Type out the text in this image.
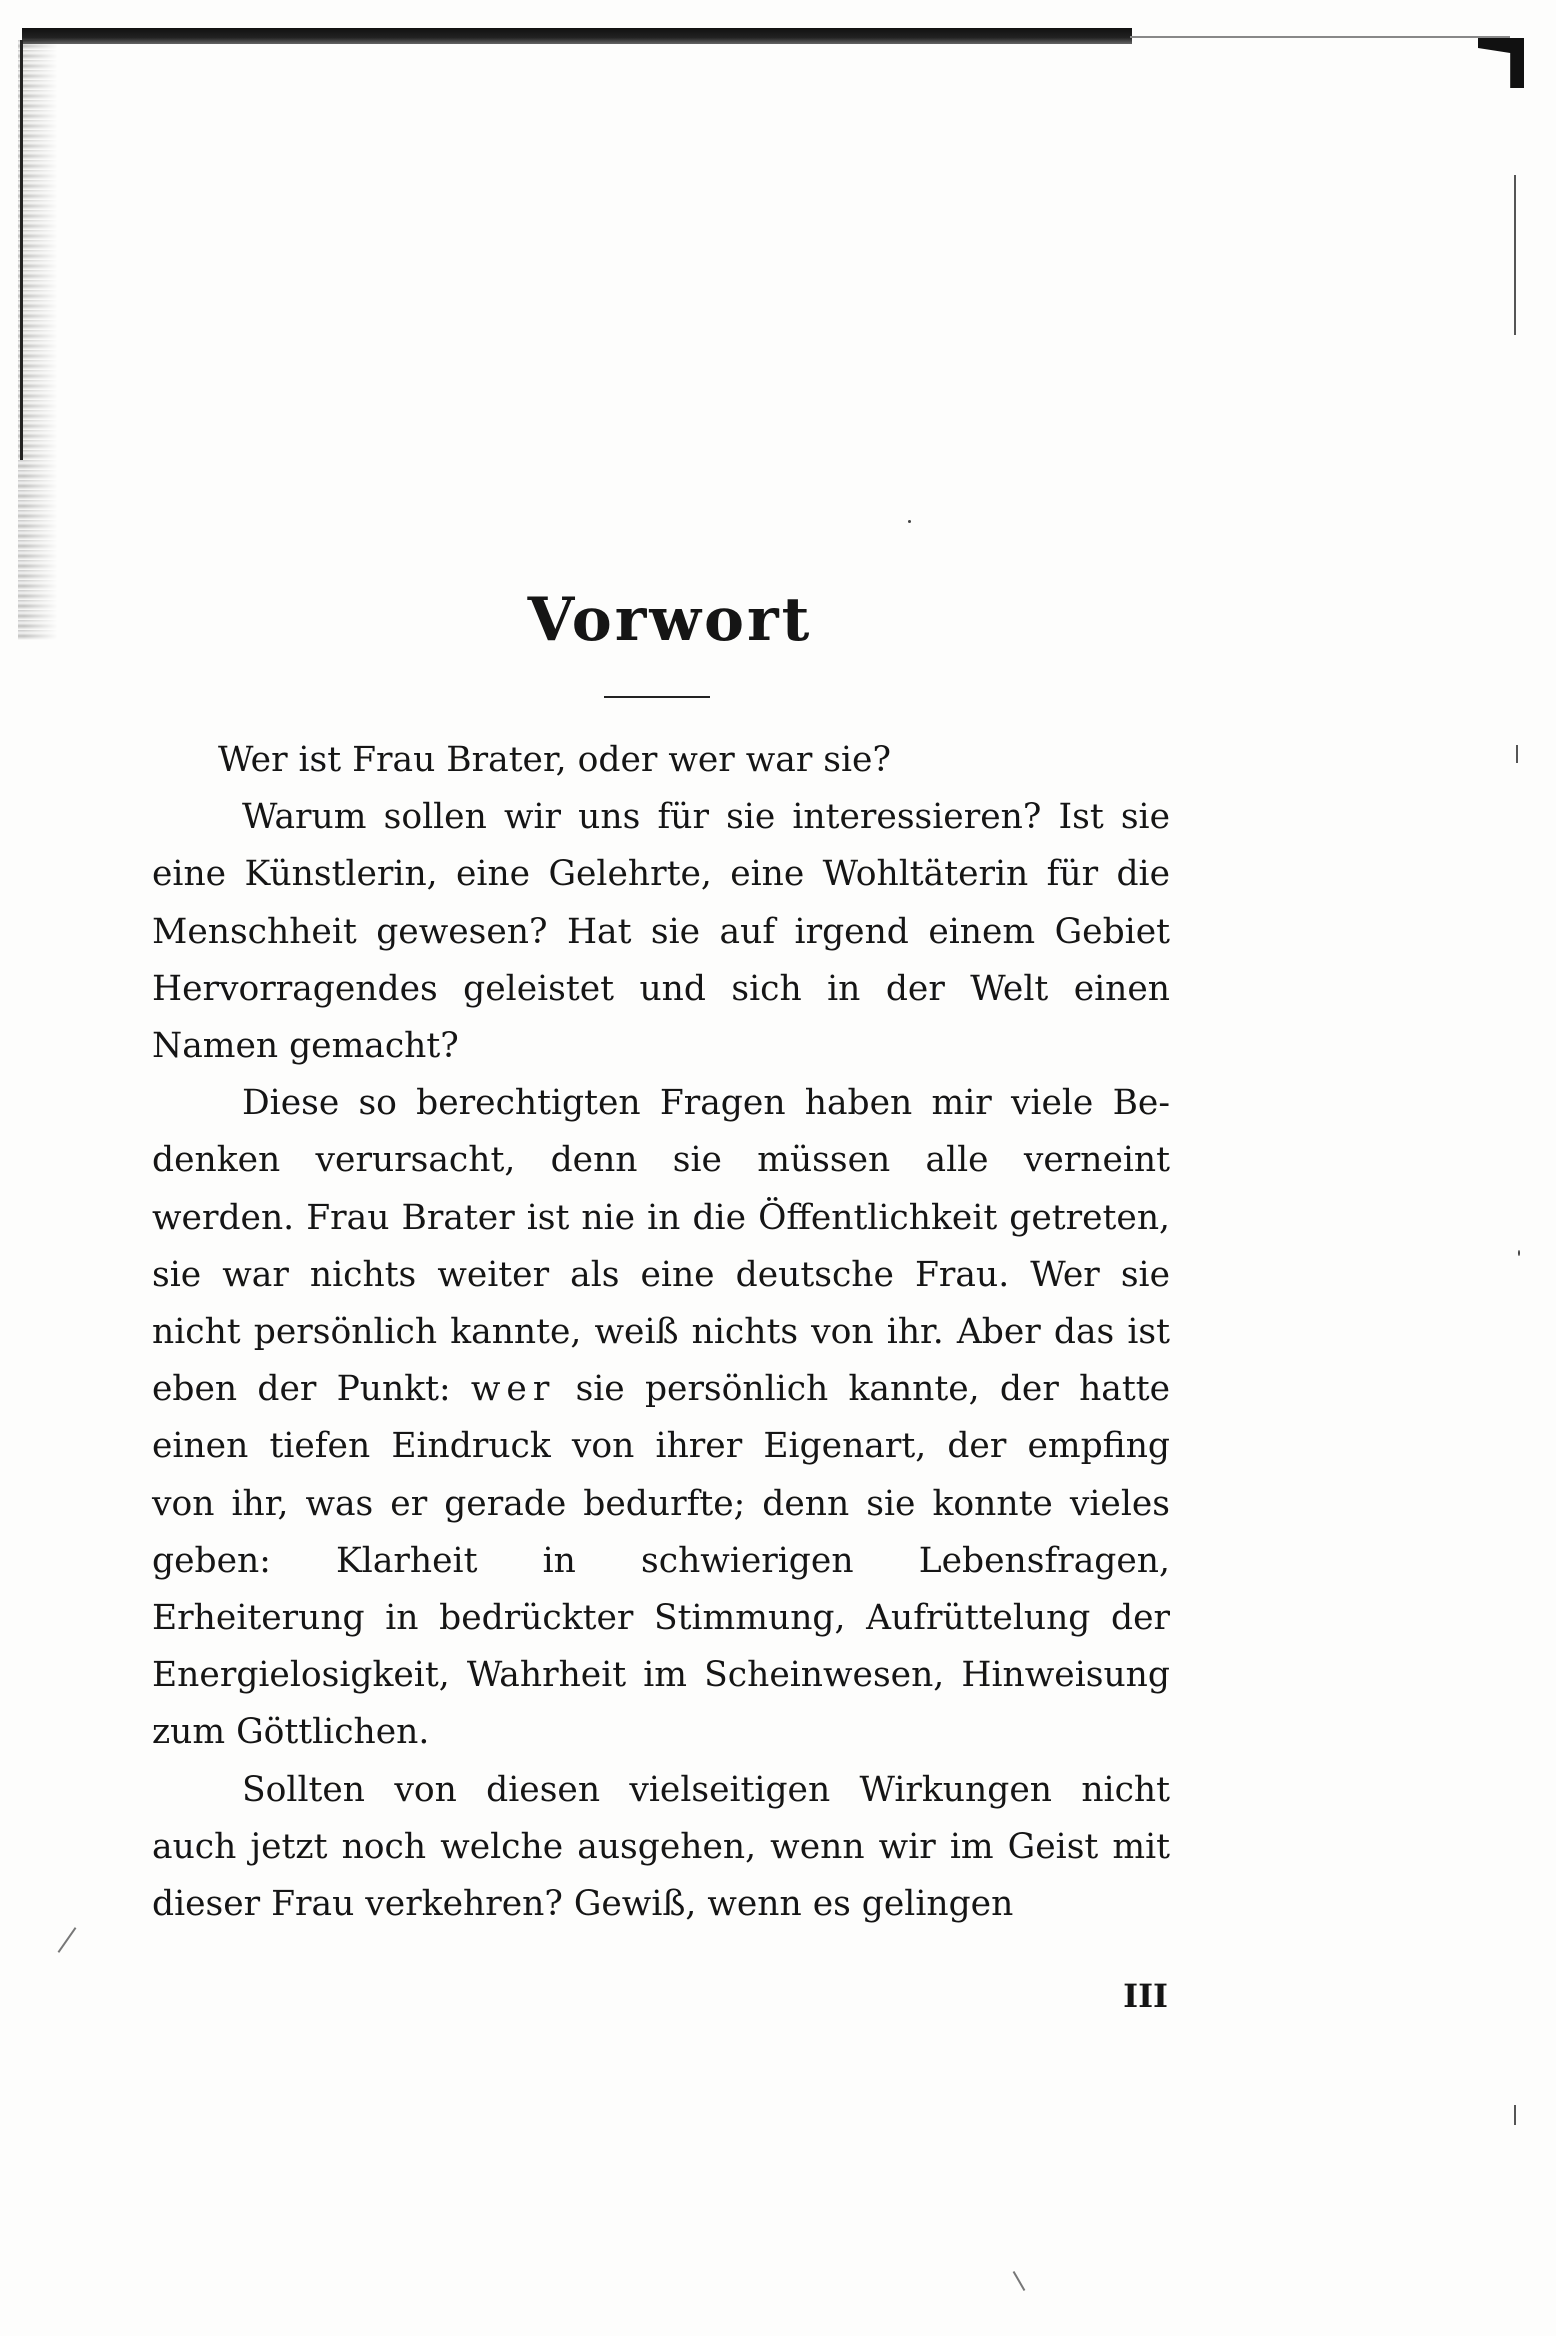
Vorwort

Wer ist Frau Brater, oder wer war sie?

Warum sollen wir uns für sie interessieren? Ist sie eine Künstlerin, eine Gelehrte, eine Wohltäterin für die Menschheit gewesen? Hat sie auf irgend einem Gebiet Hervorragendes geleistet und sich in der Welt einen Namen gemacht?

Diese so berechtigten Fragen haben mir viele Be- denken verursacht, denn sie müssen alle verneint werden. Frau Brater ist nie in die Öffentlichkeit getreten, sie war nichts weiter als eine deutsche Frau. Wer sie nicht persönlich kannte, weiß nichts von ihr. Aber das ist eben der Punkt: wer sie persönlich kannte, der hatte einen tiefen Eindruck von ihrer Eigenart, der empfing von ihr, was er gerade bedurfte; denn sie konnte vieles geben: Klarheit in schwierigen Lebensfragen, Erheiterung in bedrückter Stimmung, Aufrüttelung der Energielosigkeit, Wahrheit im Scheinwesen, Hinweisung zum Göttlichen.

Sollten von diesen vielseitigen Wirkungen nicht auch jetzt noch welche ausgehen, wenn wir im Geist mit dieser Frau verkehren? Gewiß, wenn es gelingen

III
